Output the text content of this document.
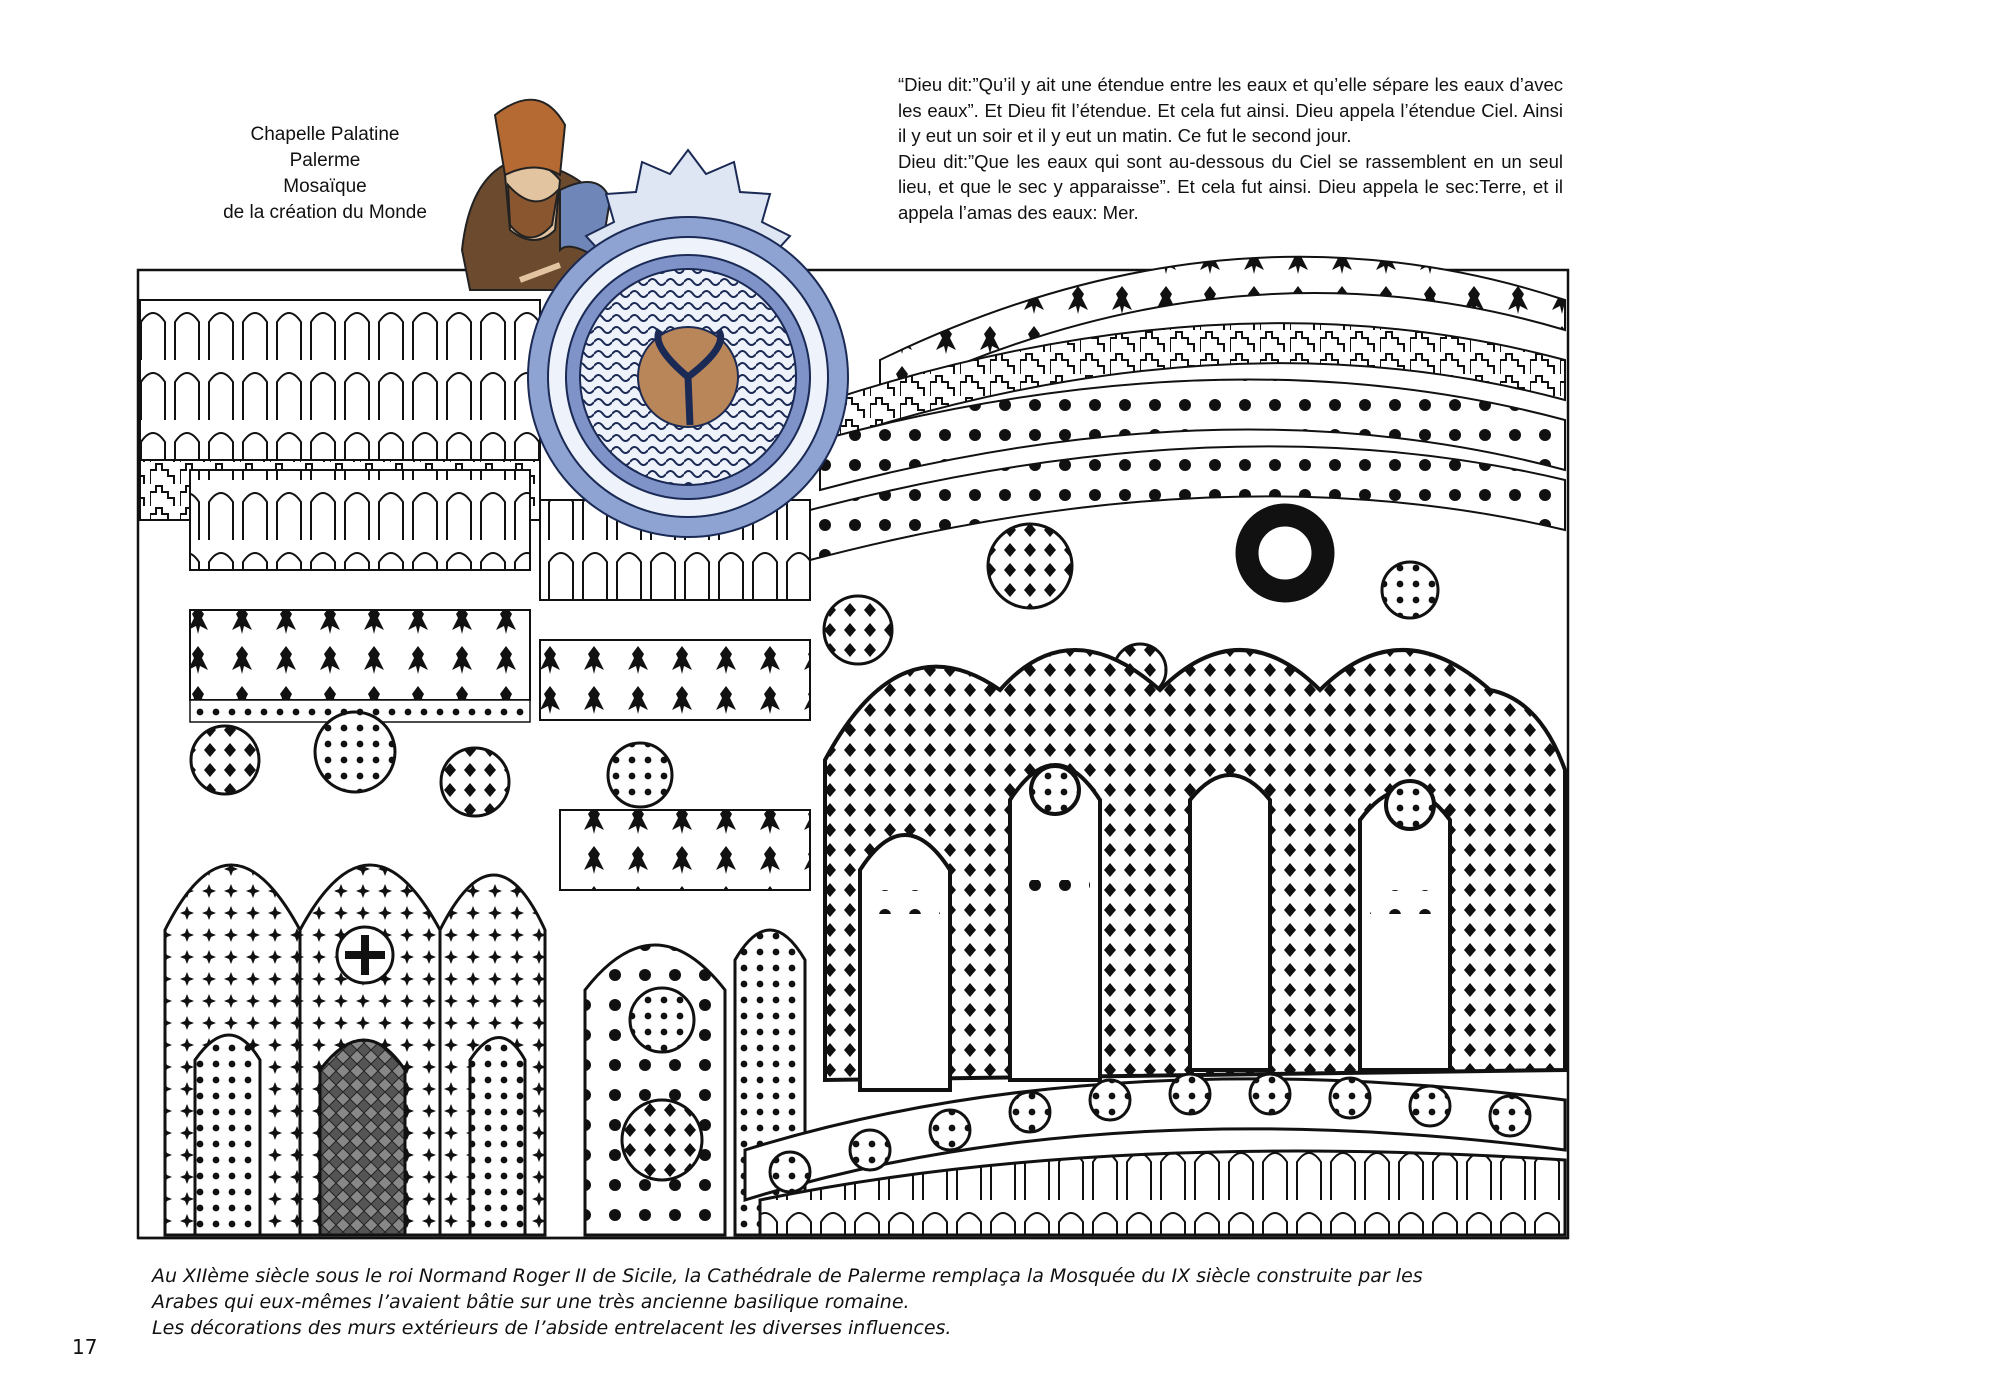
Chapelle Palatine
Palerme
Mosaïque
de la création du Monde

“Dieu dit:”Qu’il y ait une étendue entre les eaux et qu’elle sépare les eaux d’avec les eaux”. Et Dieu fit l’étendue. Et cela fut ainsi. Dieu appela l’étendue Ciel. Ainsi il y eut un soir et il y eut un matin. Ce fut le second jour.

Dieu dit:”Que les eaux qui sont au-dessous du Ciel se rassemblent en un seul lieu, et que le sec y apparaisse”. Et cela fut ainsi. Dieu appela le sec:Terre, et il appela l’amas des eaux: Mer.

Au XIIème siècle sous le roi Normand Roger II de Sicile, la Cathédrale de Palerme remplaça la Mosquée du IX siècle construite par les
Arabes qui eux-mêmes l’avaient bâtie sur une très ancienne basilique romaine.
Les décorations des murs extérieurs de l’abside entrelacent les diverses influences.
17
